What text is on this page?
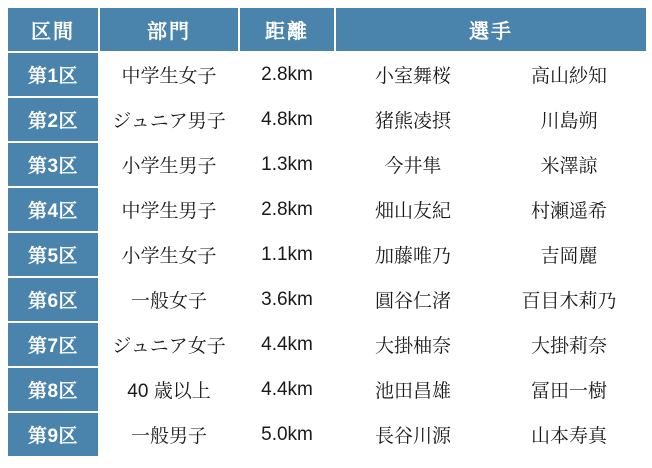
区間	部門	距離	選手	
第1区	中学生女子	2.8km	小室舞桜	高山紗知
第2区	ジュニア男子	4.8km	猪熊凌摂	川島朔
第3区	小学生男子	1.3km	今井隼	米澤諒
第4区	中学生男子	2.8km	畑山友紀	村瀬遥希
第5区	小学生女子	1.1km	加藤唯乃	吉岡麗
第6区	一般女子	3.6km	圓谷仁渚	百目木莉乃
第7区	ジュニア女子	4.4km	大掛柚奈	大掛莉奈
第8区	40 歳以上	4.4km	池田昌雄	冨田一樹
第9区	一般男子	5.0km	長谷川源	山本寿真
